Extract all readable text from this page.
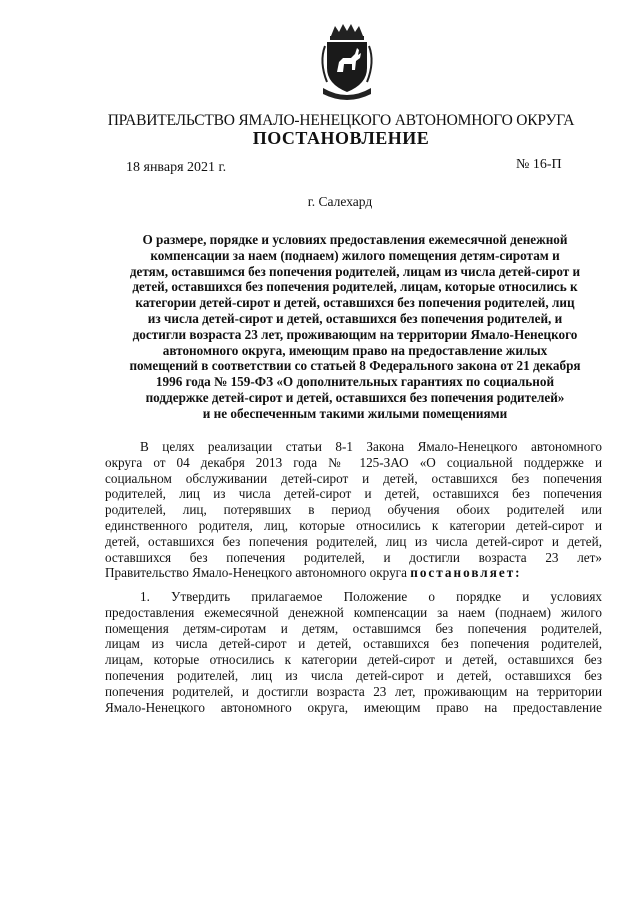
ПРАВИТЕЛЬСТВО ЯМАЛО-НЕНЕЦКОГО АВТОНОМНОГО ОКРУГА
ПОСТАНОВЛЕНИЕ
18 января 2021 г.	№ 16-П
г. Салехард
О размере, порядке и условиях предоставления ежемесячной денежной
компенсации за наем (поднаем) жилого помещения детям-сиротам и
детям, оставшимся без попечения родителей, лицам из числа детей-сирот и
детей, оставшихся без попечения родителей, лицам, которые относились к
категории детей-сирот и детей, оставшихся без попечения родителей, лиц
из числа детей-сирот и детей, оставшихся без попечения родителей, и
достигли возраста 23 лет, проживающим на территории Ямало-Ненецкого
автономного округа, имеющим право на предоставление жилых
помещений в соответствии со статьей 8 Федерального закона от 21 декабря
1996 года № 159-ФЗ «О дополнительных гарантиях по социальной
поддержке детей-сирот и детей, оставшихся без попечения родителей»
и не обеспеченным такими жилыми помещениями
В целях реализации статьи 8-1 Закона Ямало-Ненецкого автономного
округа от 04 декабря 2013 года № 125-ЗАО «О социальной поддержке и
социальном обслуживании детей-сирот и детей, оставшихся без попечения
родителей, лиц из числа детей-сирот и детей, оставшихся без попечения
родителей, лиц, потерявших в период обучения обоих родителей или
единственного родителя, лиц, которые относились к категории детей-сирот и
детей, оставшихся без попечения родителей, лиц из числа детей-сирот и детей,
оставшихся без попечения родителей, и достигли возраста 23 лет»
Правительство Ямало-Ненецкого автономного округа постановляет:
1. Утвердить прилагаемое Положение о порядке и условиях
предоставления ежемесячной денежной компенсации за наем (поднаем) жилого
помещения детям-сиротам и детям, оставшимся без попечения родителей,
лицам из числа детей-сирот и детей, оставшихся без попечения родителей,
лицам, которые относились к категории детей-сирот и детей, оставшихся без
попечения родителей, лиц из числа детей-сирот и детей, оставшихся без
попечения родителей, и достигли возраста 23 лет, проживающим на территории
Ямало-Ненецкого автономного округа, имеющим право на предоставление
